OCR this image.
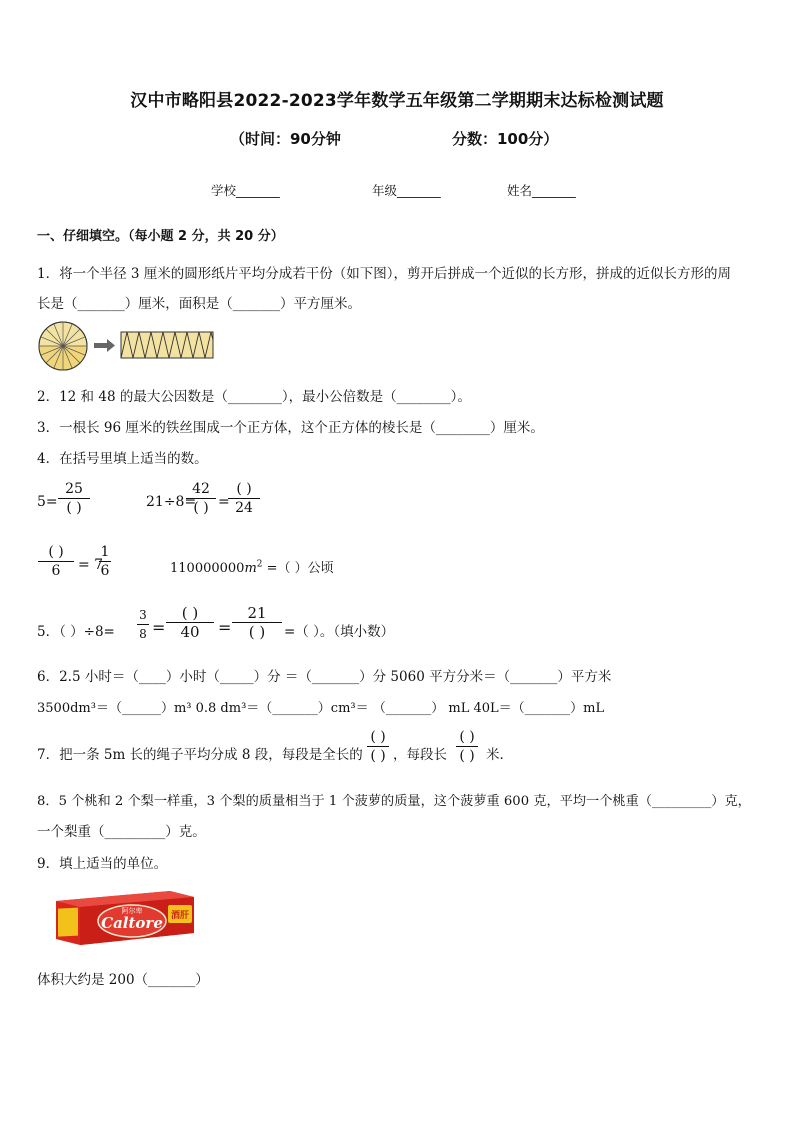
汉中市略阳县2022-2023学年数学五年级第二学期期末达标检测试题
（时间：90分钟	分数：100分）
学校_______	年级_______	姓名_______
一、仔细填空。（每小题 2 分，共 20 分）
1．将一个半径 3 厘米的圆形纸片平均分成若干份（如下图），剪开后拼成一个近似的长方形，拼成的近似长方形的周
长是（_______）厘米，面积是（_______）平方厘米。
2．12 和 48 的最大公因数是（________），最小公倍数是（________）。
3．一根长 96 厘米的铁丝围成一个正方体，这个正方体的棱长是（________）厘米。
4．在括号里填上适当的数。
5=
25
( )	21÷8=
42
( ) =
( )
24
( )
6	= 7
1
6	$110000000m^2$ =（ ）公顷
5．（ ）÷8=
3
8 =
( )
40	=
21
( )	=（ ）。（填小数）
6．2.5 小时＝（____）小时（_____）分 ＝（_______）分 5060 平方分米＝（_______）平方米
3500dm³＝（______）m³ 0.8 dm³＝（_______）cm³＝ （_______） mL 40L＝（_______）mL
7．把一条 5m 长的绳子平均分成 8 段，每段是全长的
( )
( ) ，每段长
( )
( ) 米．
8．5 个桃和 2 个梨一样重，3 个梨的质量相当于 1 个菠萝的质量，这个菠萝重 600 克，平均一个桃重（_________）克，
一个梨重（_________）克。
9．填上适当的单位。
酒肝
阿尔卑
Caltore
体积大约是 200（_______）
